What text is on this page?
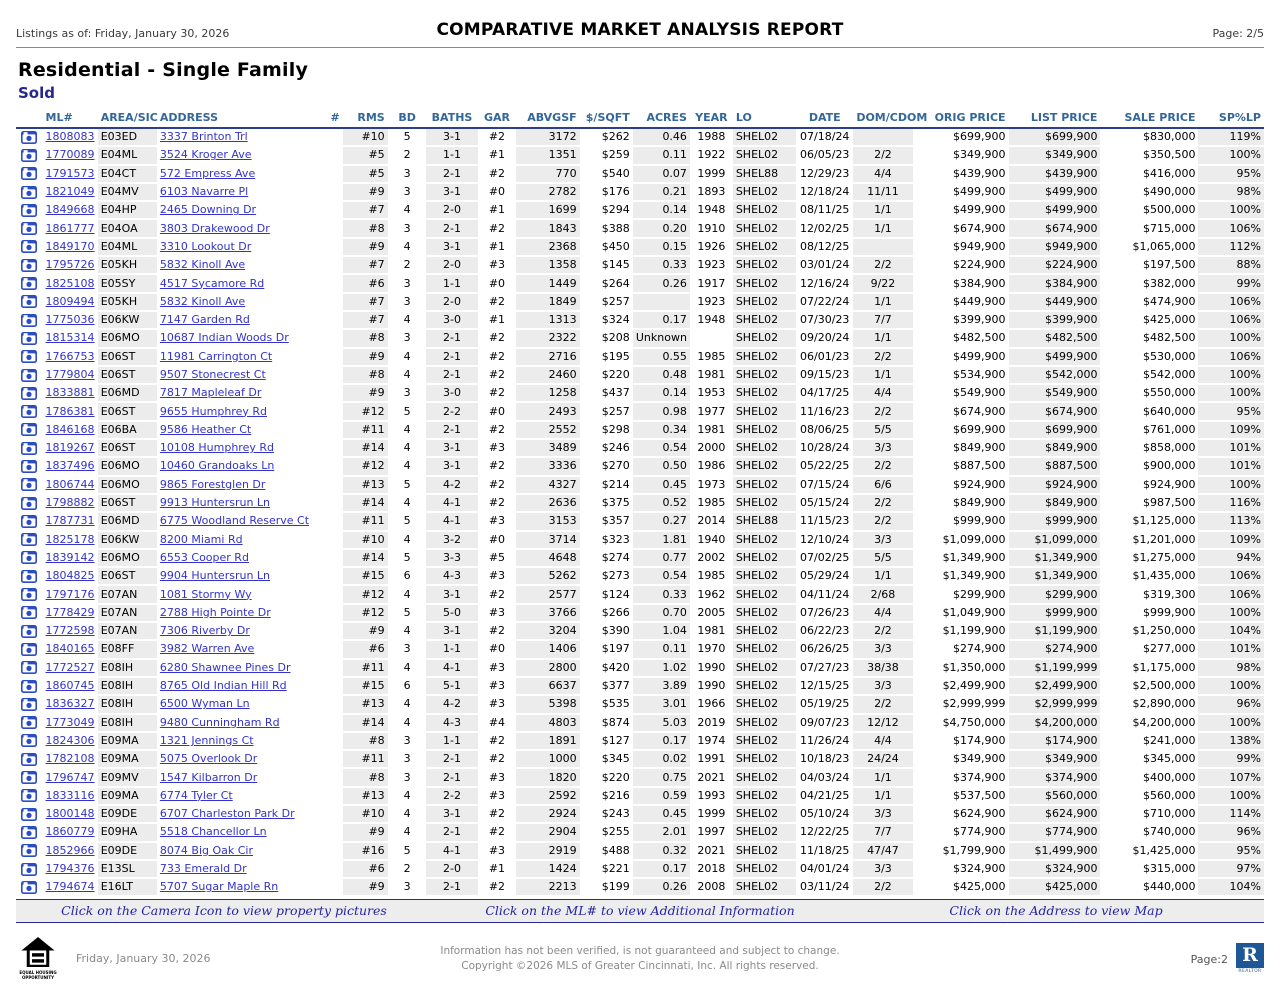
Listings as of: Friday, January 30, 2026	COMPARATIVE MARKET ANALYSIS REPORT	Page: 2/5
Residential - Single Family
Sold
	ML#	AREA/SIC	ADDRESS	#	RMS	BD	BATHS	GAR	ABVGSF	$/SQFT	ACRES	YEAR	LO	DATE	DOM/CDOM	ORIG PRICE	LIST PRICE	SALE PRICE	SP%LP
	1808083	E03ED	3337 Brinton Trl		#10	5	3-1	#2	3172	$262	0.46	1988	SHEL02	07/18/24		$699,900	$699,900	$830,000	119%
	1770089	E04ML	3524 Kroger Ave		#5	2	1-1	#1	1351	$259	0.11	1922	SHEL02	06/05/23	2/2	$349,900	$349,900	$350,500	100%
	1791573	E04CT	572 Empress Ave		#5	3	2-1	#2	770	$540	0.07	1999	SHEL88	12/29/23	4/4	$439,900	$439,900	$416,000	95%
	1821049	E04MV	6103 Navarre Pl		#9	3	3-1	#0	2782	$176	0.21	1893	SHEL02	12/18/24	11/11	$499,900	$499,900	$490,000	98%
	1849668	E04HP	2465 Downing Dr		#7	4	2-0	#1	1699	$294	0.14	1948	SHEL02	08/11/25	1/1	$499,900	$499,900	$500,000	100%
	1861777	E04OA	3803 Drakewood Dr		#8	3	2-1	#2	1843	$388	0.20	1910	SHEL02	12/02/25	1/1	$674,900	$674,900	$715,000	106%
	1849170	E04ML	3310 Lookout Dr		#9	4	3-1	#1	2368	$450	0.15	1926	SHEL02	08/12/25		$949,900	$949,900	$1,065,000	112%
	1795726	E05KH	5832 Kinoll Ave		#7	2	2-0	#3	1358	$145	0.33	1923	SHEL02	03/01/24	2/2	$224,900	$224,900	$197,500	88%
	1825108	E05SY	4517 Sycamore Rd		#6	3	1-1	#0	1449	$264	0.26	1917	SHEL02	12/16/24	9/22	$384,900	$384,900	$382,000	99%
	1809494	E05KH	5832 Kinoll Ave		#7	3	2-0	#2	1849	$257		1923	SHEL02	07/22/24	1/1	$449,900	$449,900	$474,900	106%
	1775036	E06KW	7147 Garden Rd		#7	4	3-0	#1	1313	$324	0.17	1948	SHEL02	07/30/23	7/7	$399,900	$399,900	$425,000	106%
	1815314	E06MO	10687 Indian Woods Dr		#8	3	2-1	#2	2322	$208	Unknown		SHEL02	09/20/24	1/1	$482,500	$482,500	$482,500	100%
	1766753	E06ST	11981 Carrington Ct		#9	4	2-1	#2	2716	$195	0.55	1985	SHEL02	06/01/23	2/2	$499,900	$499,900	$530,000	106%
	1779804	E06ST	9507 Stonecrest Ct		#8	4	2-1	#2	2460	$220	0.48	1981	SHEL02	09/15/23	1/1	$534,900	$542,000	$542,000	100%
	1833881	E06MD	7817 Mapleleaf Dr		#9	3	3-0	#2	1258	$437	0.14	1953	SHEL02	04/17/25	4/4	$549,900	$549,900	$550,000	100%
	1786381	E06ST	9655 Humphrey Rd		#12	5	2-2	#0	2493	$257	0.98	1977	SHEL02	11/16/23	2/2	$674,900	$674,900	$640,000	95%
	1846168	E06BA	9586 Heather Ct		#11	4	2-1	#2	2552	$298	0.34	1981	SHEL02	08/06/25	5/5	$699,900	$699,900	$761,000	109%
	1819267	E06ST	10108 Humphrey Rd		#14	4	3-1	#3	3489	$246	0.54	2000	SHEL02	10/28/24	3/3	$849,900	$849,900	$858,000	101%
	1837496	E06MO	10460 Grandoaks Ln		#12	4	3-1	#2	3336	$270	0.50	1986	SHEL02	05/22/25	2/2	$887,500	$887,500	$900,000	101%
	1806744	E06MO	9865 Forestglen Dr		#13	5	4-2	#2	4327	$214	0.45	1973	SHEL02	07/15/24	6/6	$924,900	$924,900	$924,900	100%
	1798882	E06ST	9913 Huntersrun Ln		#14	4	4-1	#2	2636	$375	0.52	1985	SHEL02	05/15/24	2/2	$849,900	$849,900	$987,500	116%
	1787731	E06MD	6775 Woodland Reserve Ct		#11	5	4-1	#3	3153	$357	0.27	2014	SHEL88	11/15/23	2/2	$999,900	$999,900	$1,125,000	113%
	1825178	E06KW	8200 Miami Rd		#10	4	3-2	#0	3714	$323	1.81	1940	SHEL02	12/10/24	3/3	$1,099,000	$1,099,000	$1,201,000	109%
	1839142	E06MO	6553 Cooper Rd		#14	5	3-3	#5	4648	$274	0.77	2002	SHEL02	07/02/25	5/5	$1,349,900	$1,349,900	$1,275,000	94%
	1804825	E06ST	9904 Huntersrun Ln		#15	6	4-3	#3	5262	$273	0.54	1985	SHEL02	05/29/24	1/1	$1,349,900	$1,349,900	$1,435,000	106%
	1797176	E07AN	1081 Stormy Wy		#12	4	3-1	#2	2577	$124	0.33	1962	SHEL02	04/11/24	2/68	$299,900	$299,900	$319,300	106%
	1778429	E07AN	2788 High Pointe Dr		#12	5	5-0	#3	3766	$266	0.70	2005	SHEL02	07/26/23	4/4	$1,049,900	$999,900	$999,900	100%
	1772598	E07AN	7306 Riverby Dr		#9	4	3-1	#2	3204	$390	1.04	1981	SHEL02	06/22/23	2/2	$1,199,900	$1,199,900	$1,250,000	104%
	1840165	E08FF	3982 Warren Ave		#6	3	1-1	#0	1406	$197	0.11	1970	SHEL02	06/26/25	3/3	$274,900	$274,900	$277,000	101%
	1772527	E08IH	6280 Shawnee Pines Dr		#11	4	4-1	#3	2800	$420	1.02	1990	SHEL02	07/27/23	38/38	$1,350,000	$1,199,999	$1,175,000	98%
	1860745	E08IH	8765 Old Indian Hill Rd		#15	6	5-1	#3	6637	$377	3.89	1990	SHEL02	12/15/25	3/3	$2,499,900	$2,499,900	$2,500,000	100%
	1836327	E08IH	6500 Wyman Ln		#13	4	4-2	#3	5398	$535	3.01	1966	SHEL02	05/19/25	2/2	$2,999,999	$2,999,999	$2,890,000	96%
	1773049	E08IH	9480 Cunningham Rd		#14	4	4-3	#4	4803	$874	5.03	2019	SHEL02	09/07/23	12/12	$4,750,000	$4,200,000	$4,200,000	100%
	1824306	E09MA	1321 Jennings Ct		#8	3	1-1	#2	1891	$127	0.17	1974	SHEL02	11/26/24	4/4	$174,900	$174,900	$241,000	138%
	1782108	E09MA	5075 Overlook Dr		#11	3	2-1	#2	1000	$345	0.02	1991	SHEL02	10/18/23	24/24	$349,900	$349,900	$345,000	99%
	1796747	E09MV	1547 Kilbarron Dr		#8	3	2-1	#3	1820	$220	0.75	2021	SHEL02	04/03/24	1/1	$374,900	$374,900	$400,000	107%
	1833116	E09MA	6774 Tyler Ct		#13	4	2-2	#3	2592	$216	0.59	1993	SHEL02	04/21/25	1/1	$537,500	$560,000	$560,000	100%
	1800148	E09DE	6707 Charleston Park Dr		#10	4	3-1	#2	2924	$243	0.45	1999	SHEL02	05/10/24	3/3	$624,900	$624,900	$710,000	114%
	1860779	E09HA	5518 Chancellor Ln		#9	4	2-1	#2	2904	$255	2.01	1997	SHEL02	12/22/25	7/7	$774,900	$774,900	$740,000	96%
	1852966	E09DE	8074 Big Oak Cir		#16	5	4-1	#3	2919	$488	0.32	2021	SHEL02	11/18/25	47/47	$1,799,900	$1,499,900	$1,425,000	95%
	1794376	E13SL	733 Emerald Dr		#6	2	2-0	#1	1424	$221	0.17	2018	SHEL02	04/01/24	3/3	$324,900	$324,900	$315,000	97%
	1794674	E16LT	5707 Sugar Maple Rn		#9	3	2-1	#2	2213	$199	0.26	2008	SHEL02	03/11/24	2/2	$425,000	$425,000	$440,000	104%
Click on the Camera Icon to view property pictures	Click on the ML# to view Additional Information	Click on the Address to view Map
EQUAL HOUSING OPPORTUNITY
Friday, January 30, 2026
Information has not been verified, is not guaranteed and subject to change.
Copyright ©2026 MLS of Greater Cincinnati, Inc. All rights reserved.	Page:2 R
REALTOR
